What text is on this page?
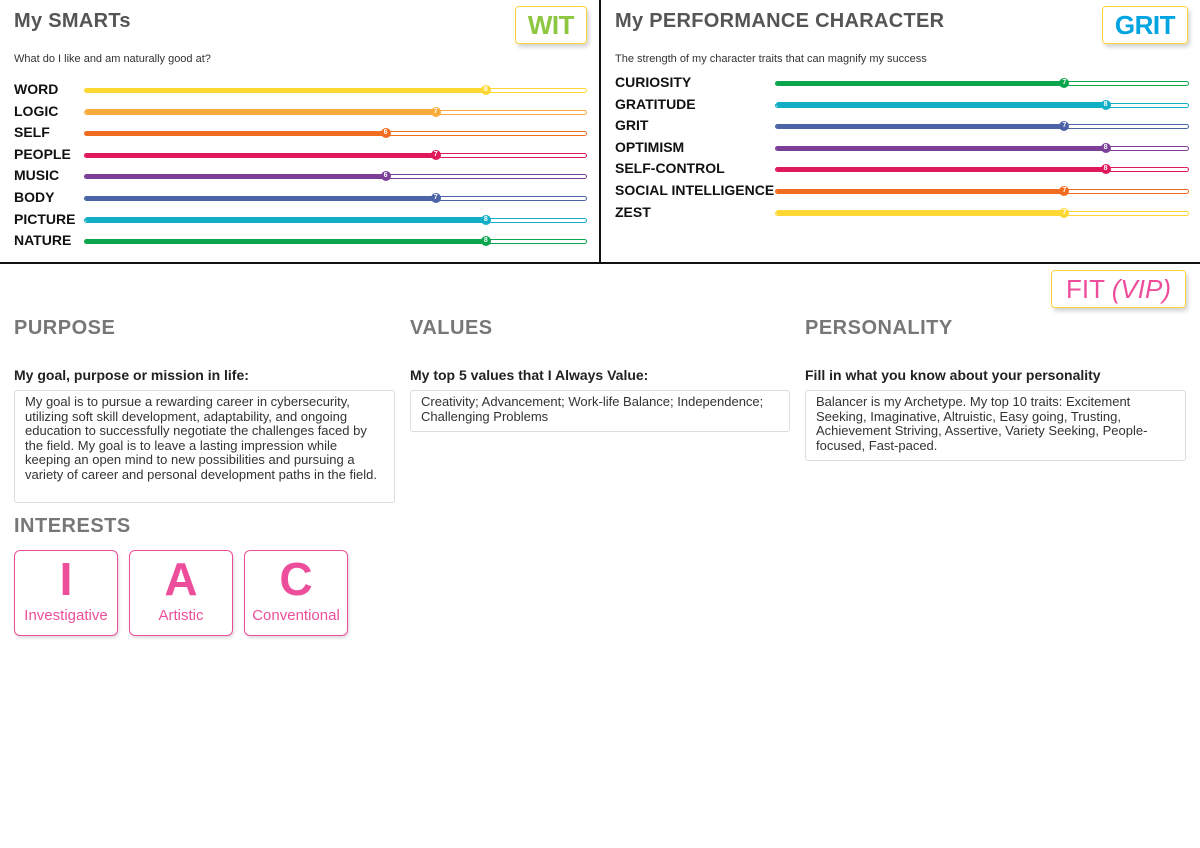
My SMARTs	WIT
What do I like and am naturally good at?
WORD	8
LOGIC	7
SELF	6
PEOPLE	7
MUSIC	6
BODY	7
PICTURE	8
NATURE	8
My PERFORMANCE CHARACTER	GRIT
The strength of my character traits that can magnify my success
CURIOSITY	7
GRATITUDE	8
GRIT	7
OPTIMISM	8
SELF-CONTROL	8
SOCIAL INTELLIGENCE	7
ZEST	7
FIT (VIP)
PURPOSE
My goal, purpose or mission in life:
My goal is to pursue a rewarding career in cybersecurity, utilizing soft skill development, adaptability, and ongoing education to successfully negotiate the challenges faced by the field. My goal is to leave a lasting impression while keeping an open mind to new possibilities and pursuing a variety of career and personal development paths in the field.
VALUES
My top 5 values that I Always Value:
Creativity; Advancement; Work-life Balance; Independence; Challenging Problems
PERSONALITY
Fill in what you know about your personality
Balancer is my Archetype. My top 10 traits: Excitement Seeking, Imaginative, Altruistic, Easy going, Trusting, Achievement Striving, Assertive, Variety Seeking, People-focused, Fast-paced.
INTERESTS
I
Investigative
A
Artistic
C
Conventional
